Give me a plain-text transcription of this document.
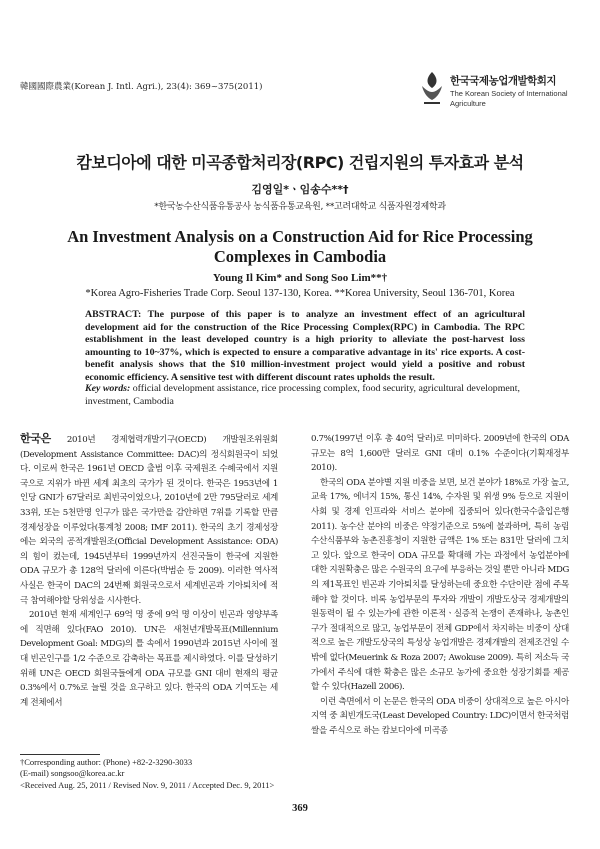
韓國國際農業(Korean J. Intl. Agri.), 23(4): 369~375(2011)	한국국제농업개발학회지
The Korean Society of International
Agriculture
캄보디아에 대한 미곡종합처리장(RPC) 건립지원의 투자효과 분석
김영일*ㆍ임송수**†
*한국농수산식품유통공사 농식품유통교육원, **고려대학교 식품자원경제학과
An Investment Analysis on a Construction Aid for Rice Processing Complexes in Cambodia
Young Il Kim* and Song Soo Lim**†
*Korea Agro-Fisheries Trade Corp. Seoul 137-130, Korea. **Korea University, Seoul 136-701, Korea
ABSTRACT: The purpose of this paper is to analyze an investment effect of an agricultural development aid for the construction of the Rice Processing Complex(RPC) in Cambodia. The RPC establishment in the least developed country is a high priority to alleviate the post-harvest loss amounting to 10~37%, which is expected to ensure a comparative advantage in its' rice exports. A cost-benefit analysis shows that the $10 million-investment project would yield a positive and robust economic efficiency. A sensitive test with different discount rates upholds the result.
Key words: official development assistance, rice processing complex, food security, agricultural development, investment, Cambodia

한국은 2010년 경제협력개발기구(OECD) 개발원조위원회(Development Assistance Committee: DAC)의 정식회원국이 되었다. 이로써 한국은 1961년 OECD 출범 이후 국제원조 수혜국에서 지원국으로 지위가 바뀐 세계 최초의 국가가 된 것이다. 한국은 1953년에 1인당 GNI가 67달러로 최빈국이었으나, 2010년에 2만 795달러로 세계 33위, 또는 5천만명 인구가 많은 국가만을 감안하면 7위를 기록할 만큼 경제성장을 이루었다(통계청 2008; IMF 2011). 한국의 초기 경제성장에는 외국의 공적개발원조(Official Development Assistance: ODA)의 힘이 컸는데, 1945년부터 1999년까지 선진국들이 한국에 지원한 ODA 규모가 총 128억 달러에 이른다(박범순 등 2009). 이러한 역사적 사실은 한국이 DAC의 24번째 회원국으로서 세계빈곤과 기아퇴치에 적극 참여해야할 당위성을 시사한다.

2010년 현재 세계인구 69억 명 중에 9억 명 이상이 빈곤과 영양부족에 직면해 있다(FAO 2010). UN은 새천년개발목표(Millennium Development Goal: MDG)의 틀 속에서 1990년과 2015년 사이에 절대 빈곤인구를 1/2 수준으로 감축하는 목표를 제시하였다. 이를 달성하기 위해 UN은 OECD 회원국들에게 ODA 규모를 GNI 대비 현재의 평균 0.3%에서 0.7%로 늘릴 것을 요구하고 있다. 한국의 ODA 기여도는 세계 전체에서

0.7%(1997년 이후 총 40억 달러)로 미미하다. 2009년에 한국의 ODA 규모는 8억 1,600만 달러로 GNI 대비 0.1% 수준이다(기획재정부 2010).

한국의 ODA 분야별 지원 비중을 보면, 보건 분야가 18%로 가장 높고, 교육 17%, 에너지 15%, 통신 14%, 수자원 및 위생 9% 등으로 지원이 사회 및 경제 인프라와 서비스 분야에 집중되어 있다(한국수출입은행 2011). 농수산 분야의 비중은 약정기준으로 5%에 불과하며, 특히 농림수산식품부와 농촌진흥청이 지원한 금액은 1% 또는 831만 달러에 그치고 있다. 앞으로 한국이 ODA 규모를 확대해 가는 과정에서 농업분야에 대한 지원확충은 많은 수원국의 요구에 부응하는 것일 뿐만 아니라 MDG의 제1목표인 빈곤과 기아퇴치를 달성하는데 중요한 수단이란 점에 주목해야 할 것이다. 비록 농업부문의 투자와 개발이 개발도상국 경제개발의 원동력이 될 수 있는가에 관한 이론적ㆍ실증적 논쟁이 존재하나, 농촌인구가 절대적으로 많고, 농업부문이 전체 GDP에서 차지하는 비중이 상대적으로 높은 개발도상국의 특성상 농업개발은 경제개발의 전제조건일 수밖에 없다(Meuerink & Roza 2007; Awokuse 2009). 특히 저소득 국가에서 주식에 대한 확충은 많은 소규모 농가에 중요한 성장기회를 제공할 수 있다(Hazell 2006).

이런 측면에서 이 논문은 한국의 ODA 비중이 상대적으로 높은 아시아지역 중 최빈개도국(Least Developed Country: LDC)이면서 한국처럼 쌀을 주식으로 하는 캄보디아에 미곡종

†Corresponding author: (Phone) +82-2-3290-3033
(E-mail) songsoo@korea.ac.kr
<Received Aug. 25, 2011 / Revised Nov. 9, 2011 / Accepted Dec. 9, 2011>
369
